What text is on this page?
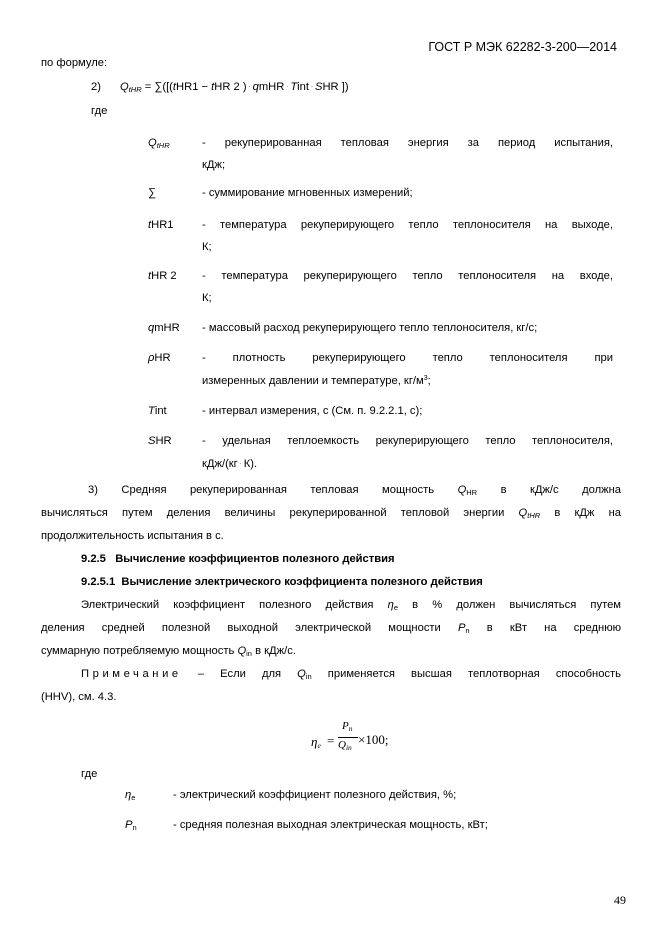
ГОСТ Р МЭК 62282-3-200—2014
по формуле:
2) $Q_{tHR} = \sum([(tHR1$ − tHR 2 ) · qmHR · Tint · SHR ])
где
$Q_{tHR}$	- рекуперированная тепловая энергия за период испытания,
кДж;
∑	- суммирование мгновенных измерений;
tHR1	- температура рекуперирующего тепло теплоносителя на выходе,
К;
tHR 2 - температура рекуперирующего тепло теплоносителя на входе,
К;
qmHR - массовый расход рекуперирующего тепло теплоносителя, кг/с;
ρHR	- плотность рекуперирующего тепло теплоносителя при
измеренных давлении и температуре, $кг/м^3$;
Tint	- интервал измерения, с (См. п. 9.2.2.1, с);
SHR	- удельная теплоемкость рекуперирующего тепло теплоносителя,
кДж/(кг · К).
3)   Средняя   рекуперированная   тепловая   мощность   $Q_{HR}$   в   кДж/с   должна
вычисляться путем деления величины рекуперированной тепловой энергии $Q_{tHR}$ в кДж на
продолжительность испытания в с.
9.2.5   Вычисление коэффициентов полезного действия
9.2.5.1  Вычисление электрического коэффициента полезного действия
Электрический коэффициент полезного действия $\eta_e$ в % должен вычисляться путем
деления средней полезной выходной электрической мощности $P_n$ в кВт на среднюю
суммарную потребляемую мощность $Q_{in}$ в кДж/с.
Примечание – Если для $Q_{in}$ применяется высшая теплотворная способность
(HHV), см. 4.3.
$\eta_e$ =
$P_n$
$Q_{in}$
×100;
где
$\eta_e$	- электрический коэффициент полезного действия, %;
$P_n$	- средняя полезная выходная электрическая мощность, кВт;
49
